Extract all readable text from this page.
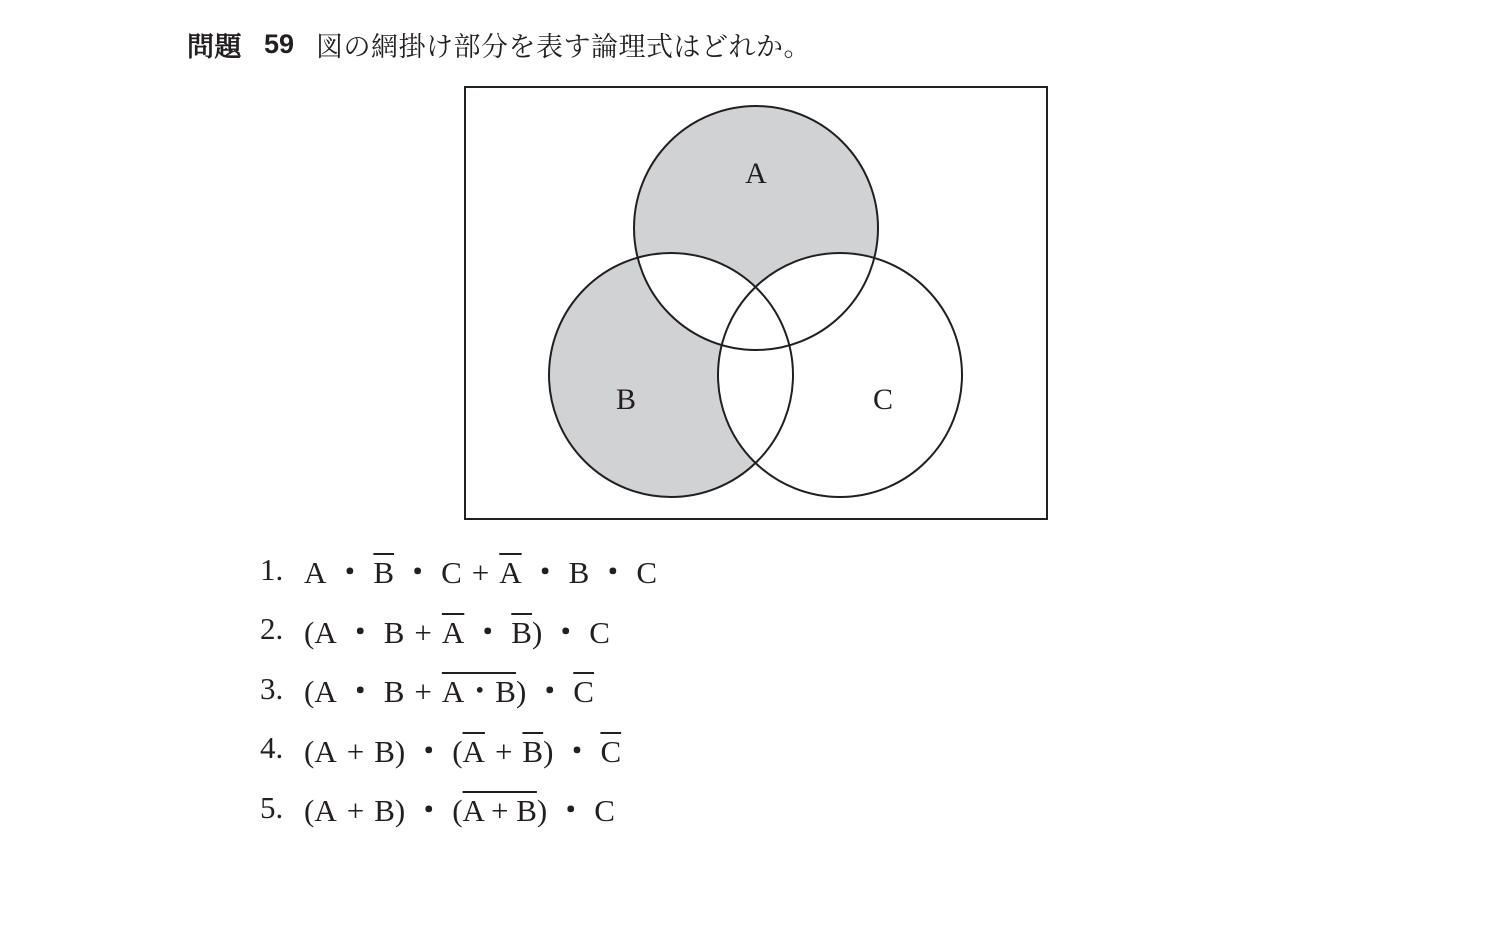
問題 59 図の網掛け部分を表す論理式はどれか。
A
B	C
1. A ・ $\overline{B}$ ・ $C + \overline{A}$ ・ B ・ C
2. ( A ・ $B + \overline{A}$ ・ $\overline{B}$ ) ・ C
3. ( A ・ B + A・B ) ・ $\overline{C}$
4. ( A + B ) ・ ( $\overline{A} + \overline{B}$ ) ・ $\overline{C}$
5. ( A + B ) ・ ( A + B ) ・ C
